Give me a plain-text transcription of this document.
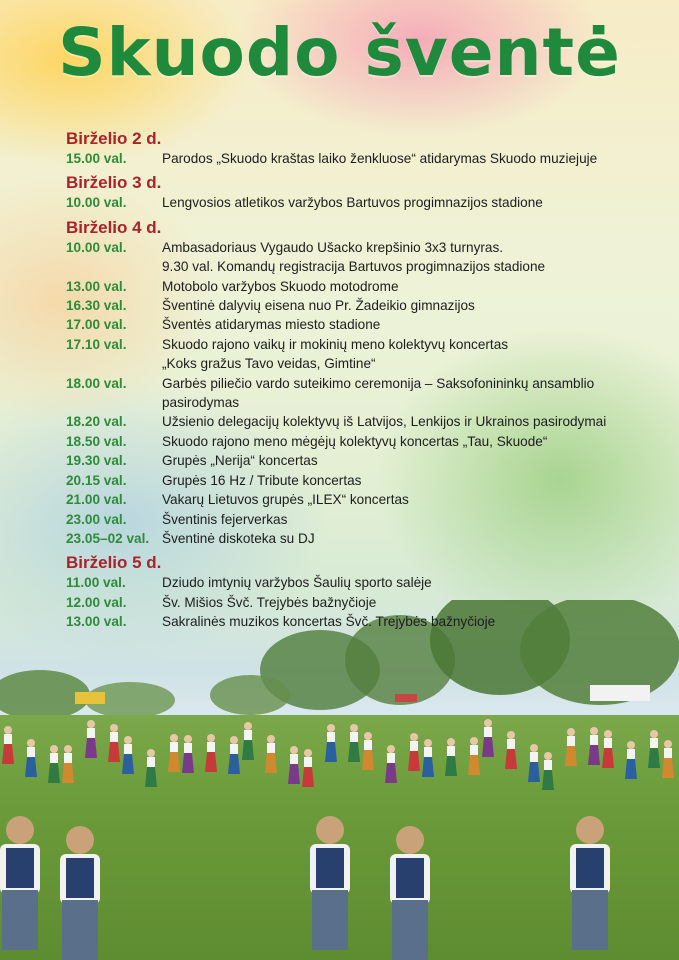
Skuodo šventė
Birželio 2 d.
15.00 val.	Parodos „Skuodo kraštas laiko ženkluose“ atidarymas Skuodo muziejuje
Birželio 3 d.
10.00 val.	Lengvosios atletikos varžybos Bartuvos progimnazijos stadione
Birželio 4 d.
10.00 val.	Ambasadoriaus Vygaudo Ušacko krepšinio 3x3 turnyras.
9.30 val. Komandų registracija Bartuvos progimnazijos stadione
13.00 val.	Motobolo varžybos Skuodo motodrome
16.30 val.	Šventinė dalyvių eisena nuo Pr. Žadeikio gimnazijos
17.00 val.	Šventės atidarymas miesto stadione
17.10 val.	Skuodo rajono vaikų ir mokinių meno kolektyvų koncertas
„Koks gražus Tavo veidas, Gimtine“
18.00 val.	Garbės piliečio vardo suteikimo ceremonija – Saksofonininkų ansamblio
pasirodymas
18.20 val.	Užsienio delegacijų kolektyvų iš Latvijos, Lenkijos ir Ukrainos pasirodymai
18.50 val.	Skuodo rajono meno mėgėjų kolektyvų koncertas „Tau, Skuode“
19.30 val.	Grupės „Nerija“ koncertas
20.15 val.	Grupės 16 Hz / Tribute koncertas
21.00 val.	Vakarų Lietuvos grupės „ILEX“ koncertas
23.00 val.	Šventinis fejerverkas
23.05–02 val. Šventinė diskoteka su DJ
Birželio 5 d.
11.00 val.	Dziudo imtynių varžybos Šaulių sporto salėje
12.00 val.	Šv. Mišios Švč. Trejybės bažnyčioje
13.00 val.	Sakralinės muzikos koncertas Švč. Trejybės bažnyčioje
